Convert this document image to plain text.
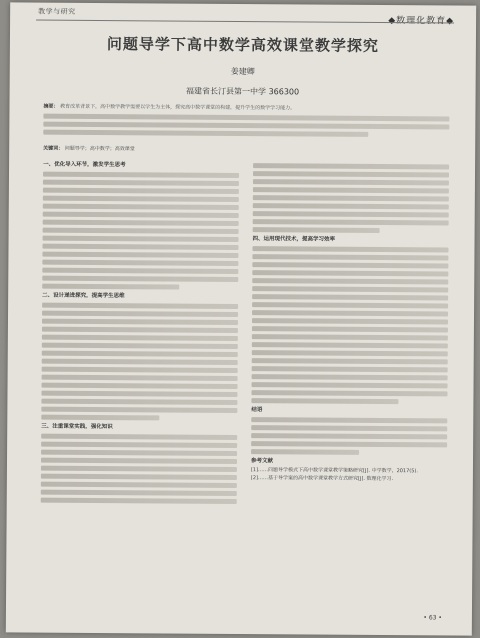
教学与研究
◆数理化教育◆
问题导学下高中数学高效课堂教学探究
姜建卿
福建省长汀县第一中学 366300
摘要： 教育改革背景下，高中数学教学需要以学生为主体，探究高中数学课堂的构建，提升学生的数学学习能力。
关键词： 问题导学；高中数学；高效课堂
一、优化导入环节，激发学生思考
二、设计递进探究，提高学生思维
三、注重课堂实践，强化知识
四、运用现代技术，提高学习效率
结语
参考文献
[1]……问题导学模式下高中数学课堂教学策略研究[J]. 中学数学，2017(5).
[2]……基于导学案的高中数学课堂教学方式研究[J]. 数理化学习.
• 63 •
